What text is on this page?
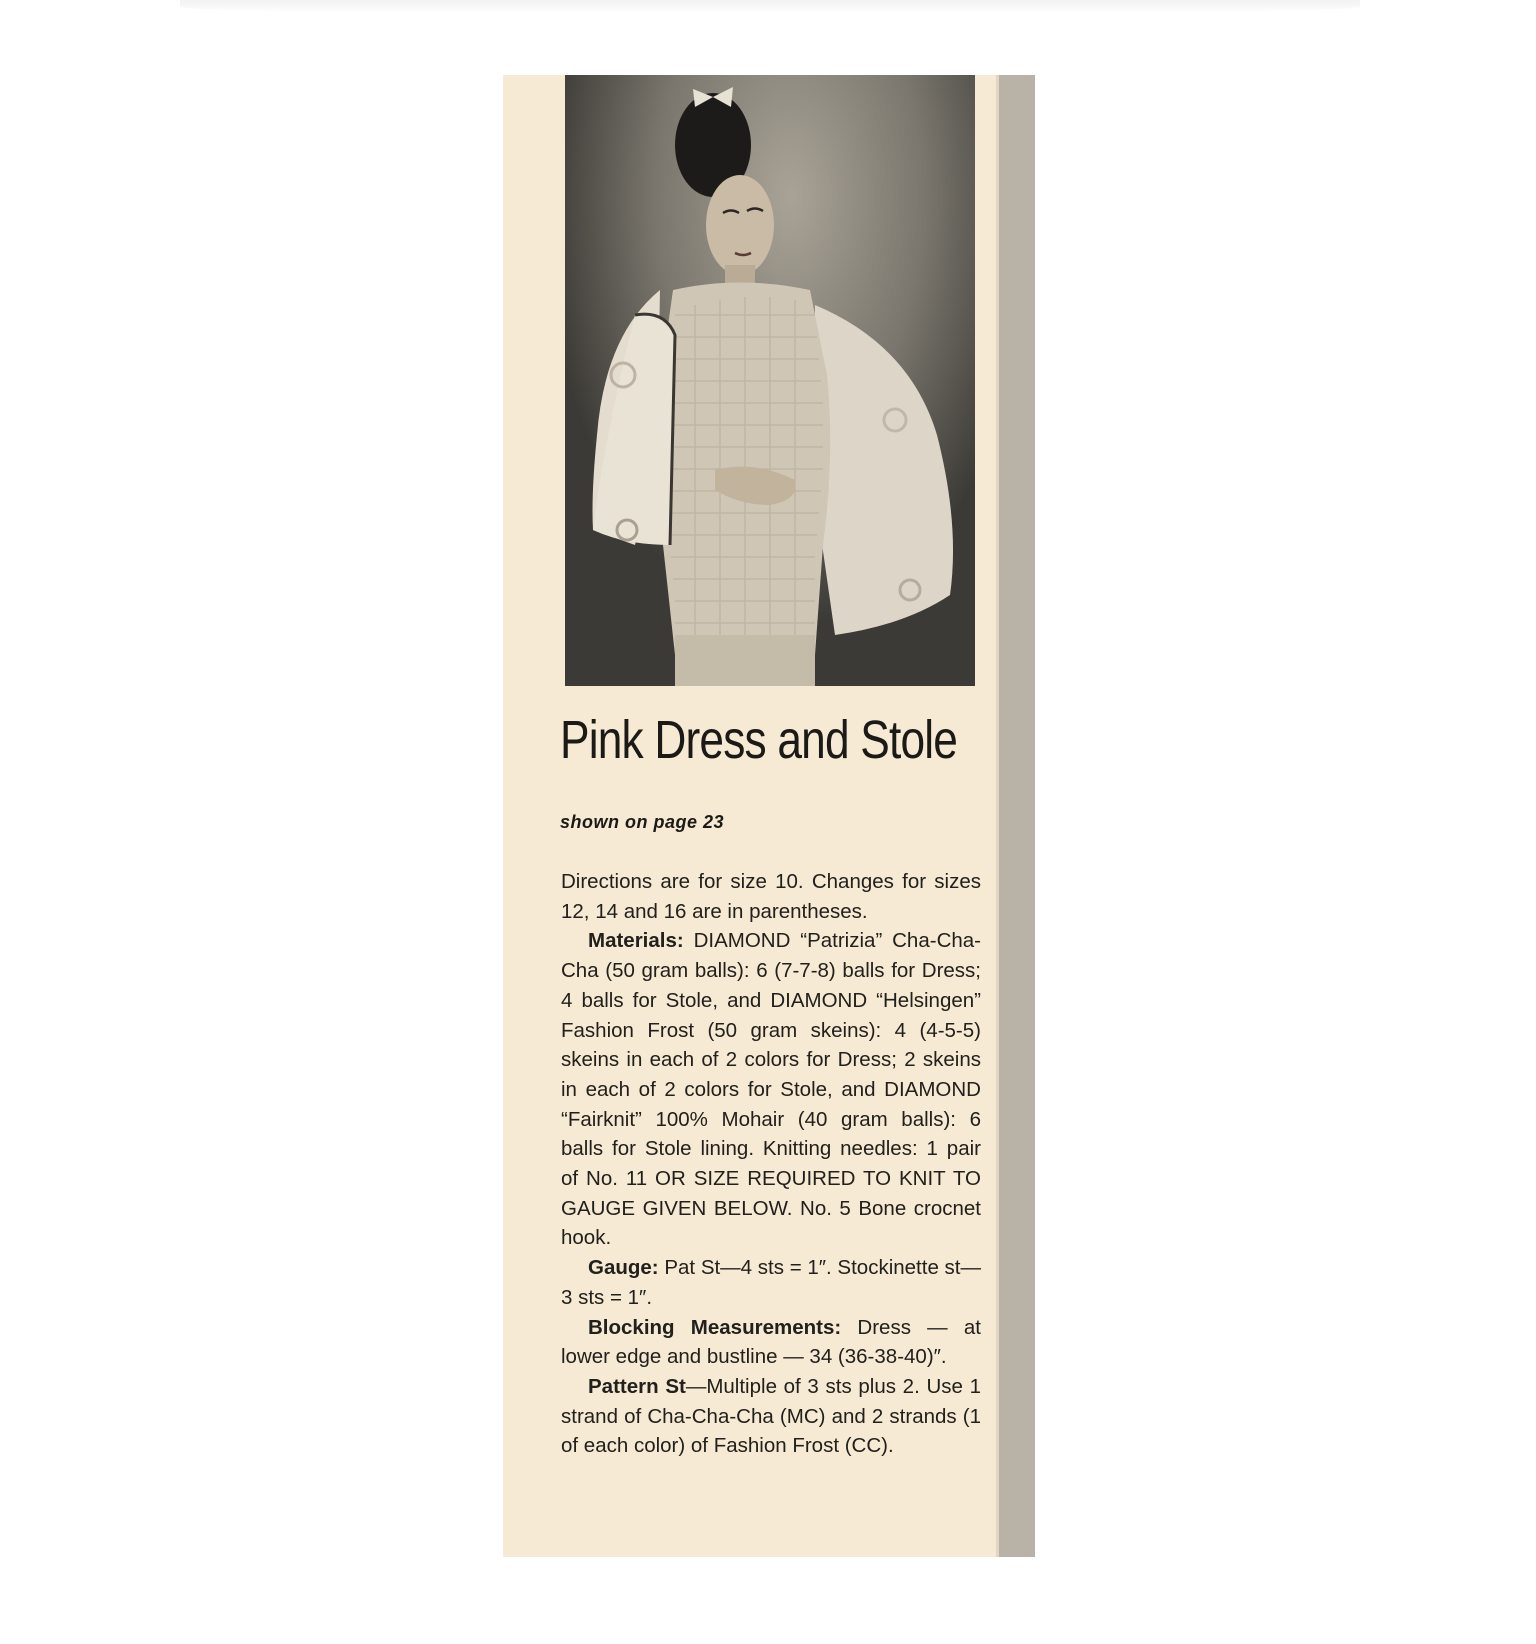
Pink Dress and Stole

shown on page 23

Directions are for size 10. Changes for sizes 12, 14 and 16 are in parentheses.

Materials: DIAMOND “Patrizia” Cha-Cha-Cha (50 gram balls): 6 (7-7-8) balls for Dress; 4 balls for Stole, and DIAMOND “Helsingen” Fashion Frost (50 gram skeins): 4 (4-5-5) skeins in each of 2 colors for Dress; 2 skeins in each of 2 colors for Stole, and DIAMOND “Fairknit” 100% Mohair (40 gram balls): 6 balls for Stole lining. Knitting needles: 1 pair of No. 11 OR SIZE REQUIRED TO KNIT TO GAUGE GIVEN BELOW. No. 5 Bone crocnet hook.

Gauge: Pat St—4 sts = 1″. Stockinette st—3 sts = 1″.

Blocking Measurements: Dress — at lower edge and bustline — 34 (36-38-40)″.

Pattern St—Multiple of 3 sts plus 2. Use 1 strand of Cha-Cha-Cha (MC) and 2 strands (1 of each color) of Fashion Frost (CC).
